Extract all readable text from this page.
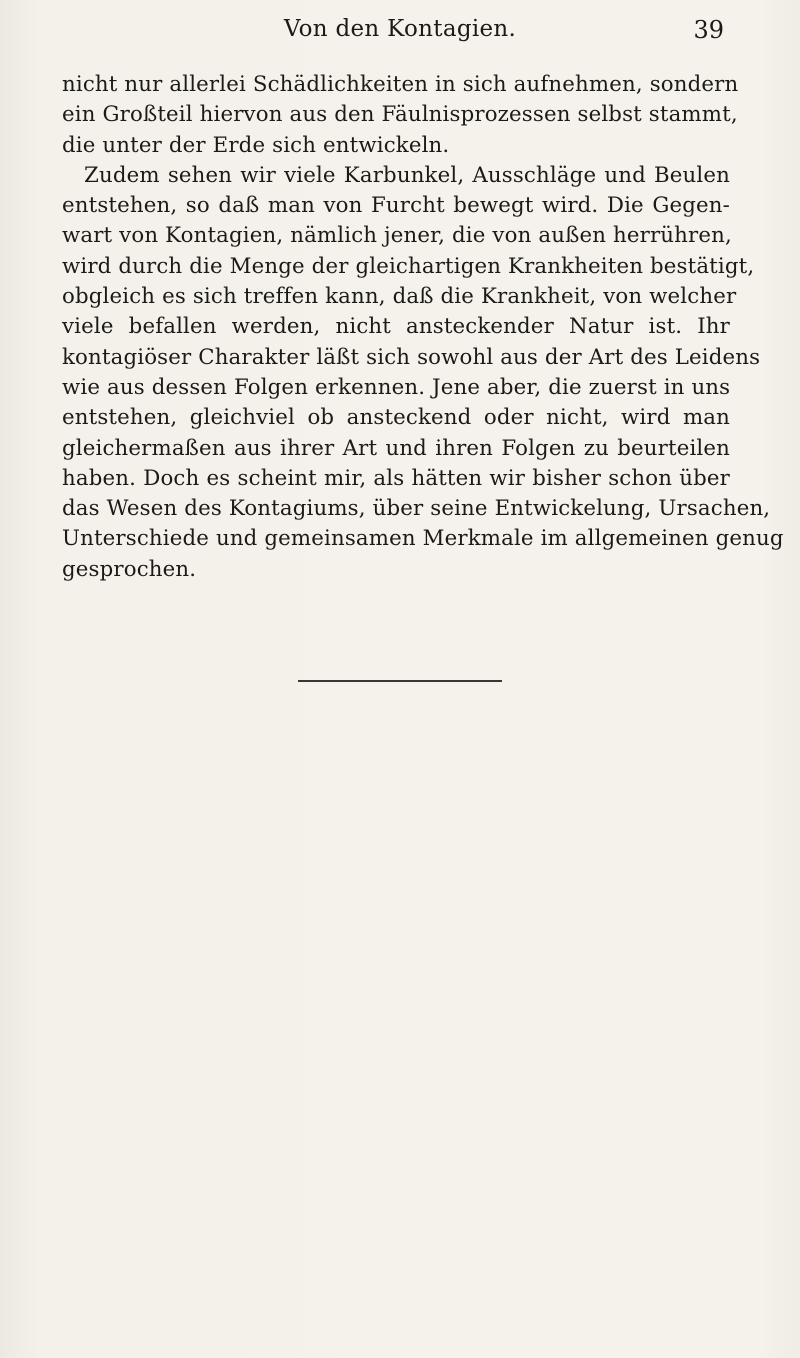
Von den Kontagien.	39
nicht nur allerlei Schädlichkeiten in sich aufnehmen, sondern
ein Großteil hiervon aus den Fäulnisprozessen selbst stammt,
die unter der Erde sich entwickeln.
Zudem sehen wir viele Karbunkel, Ausschläge und Beulen
entstehen, so daß man von Furcht bewegt wird. Die Gegen-
wart von Kontagien, nämlich jener, die von außen herrühren,
wird durch die Menge der gleichartigen Krankheiten bestätigt,
obgleich es sich treffen kann, daß die Krankheit, von welcher
viele befallen werden, nicht ansteckender Natur ist. Ihr
kontagiöser Charakter läßt sich sowohl aus der Art des Leidens
wie aus dessen Folgen erkennen. Jene aber, die zuerst in uns
entstehen, gleichviel ob ansteckend oder nicht, wird man
gleichermaßen aus ihrer Art und ihren Folgen zu beurteilen
haben. Doch es scheint mir, als hätten wir bisher schon über
das Wesen des Kontagiums, über seine Entwickelung, Ursachen,
Unterschiede und gemeinsamen Merkmale im allgemeinen genug
gesprochen.
